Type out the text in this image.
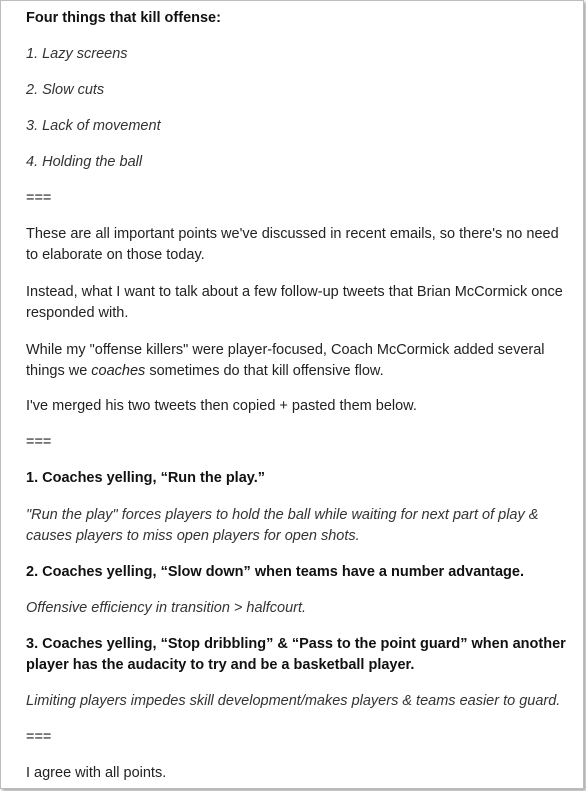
Four things that kill offense:
1. Lazy screens
2. Slow cuts
3. Lack of movement
4. Holding the ball
===
These are all important points we've discussed in recent emails, so there's no need to elaborate on those today.
Instead, what I want to talk about a few follow-up tweets that Brian McCormick once responded with.
While my "offense killers" were player-focused, Coach McCormick added several things we coaches sometimes do that kill offensive flow.
I've merged his two tweets then copied + pasted them below.
===
1. Coaches yelling, “Run the play.”
"Run the play" forces players to hold the ball while waiting for next part of play & causes players to miss open players for open shots.
2. Coaches yelling, “Slow down” when teams have a number advantage.
Offensive efficiency in transition > halfcourt.
3. Coaches yelling, “Stop dribbling” & “Pass to the point guard” when another player has the audacity to try and be a basketball player.
Limiting players impedes skill development/makes players & teams easier to guard.
===
I agree with all points.
